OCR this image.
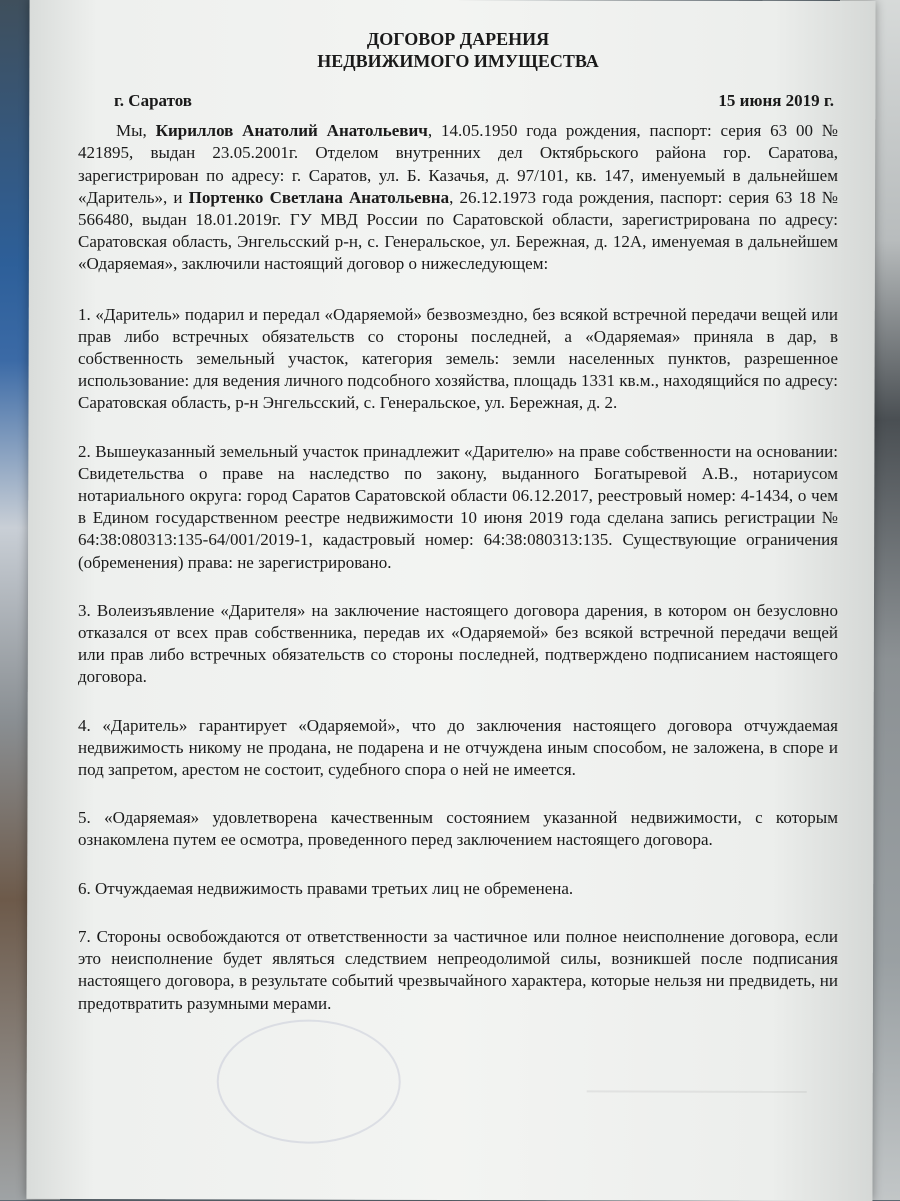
ДОГОВОР ДАРЕНИЯ
НЕДВИЖИМОГО ИМУЩЕСТВА
г. Саратов	15 июня 2019 г.

Мы, Кириллов Анатолий Анатольевич, 14.05.1950 года рождения, паспорт: серия 63 00 № 421895, выдан 23.05.2001г. Отделом внутренних дел Октябрьского района гор. Саратова, зарегистрирован по адресу: г. Саратов, ул. Б. Казачья, д. 97/101, кв. 147, именуемый в дальнейшем «Даритель», и Портенко Светлана Анатольевна, 26.12.1973 года рождения, паспорт: серия 63 18 № 566480, выдан 18.01.2019г. ГУ МВД России по Саратовской области, зарегистрирована по адресу: Саратовская область, Энгельсский р-н, с. Генеральское, ул. Бережная, д. 12А, именуемая в дальнейшем «Одаряемая», заключили настоящий договор о нижеследующем:

1. «Даритель» подарил и передал «Одаряемой» безвозмездно, без всякой встречной передачи вещей или прав либо встречных обязательств со стороны последней, а «Одаряемая» приняла в дар, в собственность земельный участок, категория земель: земли населенных пунктов, разрешенное использование: для ведения личного подсобного хозяйства, площадь 1331 кв.м., находящийся по адресу: Саратовская область, р-н Энгельсский, с. Генеральское, ул. Бережная, д. 2.

2. Вышеуказанный земельный участок принадлежит «Дарителю» на праве собственности на основании: Свидетельства о праве на наследство по закону, выданного Богатыревой А.В., нотариусом нотариального округа: город Саратов Саратовской области 06.12.2017, реестровый номер: 4-1434, о чем в Едином государственном реестре недвижимости 10 июня 2019 года сделана запись регистрации № 64:38:080313:135-64/001/2019-1, кадастровый номер: 64:38:080313:135. Существующие ограничения (обременения) права: не зарегистрировано.

3. Волеизъявление «Дарителя» на заключение настоящего договора дарения, в котором он безусловно отказался от всех прав собственника, передав их «Одаряемой» без всякой встречной передачи вещей или прав либо встречных обязательств со стороны последней, подтверждено подписанием настоящего договора.

4. «Даритель» гарантирует «Одаряемой», что до заключения настоящего договора отчуждаемая недвижимость никому не продана, не подарена и не отчуждена иным способом, не заложена, в споре и под запретом, арестом не состоит, судебного спора о ней не имеется.

5. «Одаряемая» удовлетворена качественным состоянием указанной недвижимости, с которым ознакомлена путем ее осмотра, проведенного перед заключением настоящего договора.

6. Отчуждаемая недвижимость правами третьих лиц не обременена.

7. Стороны освобождаются от ответственности за частичное или полное неисполнение договора, если это неисполнение будет являться следствием непреодолимой силы, возникшей после подписания настоящего договора, в результате событий чрезвычайного характера, которые нельзя ни предвидеть, ни предотвратить разумными мерами.
